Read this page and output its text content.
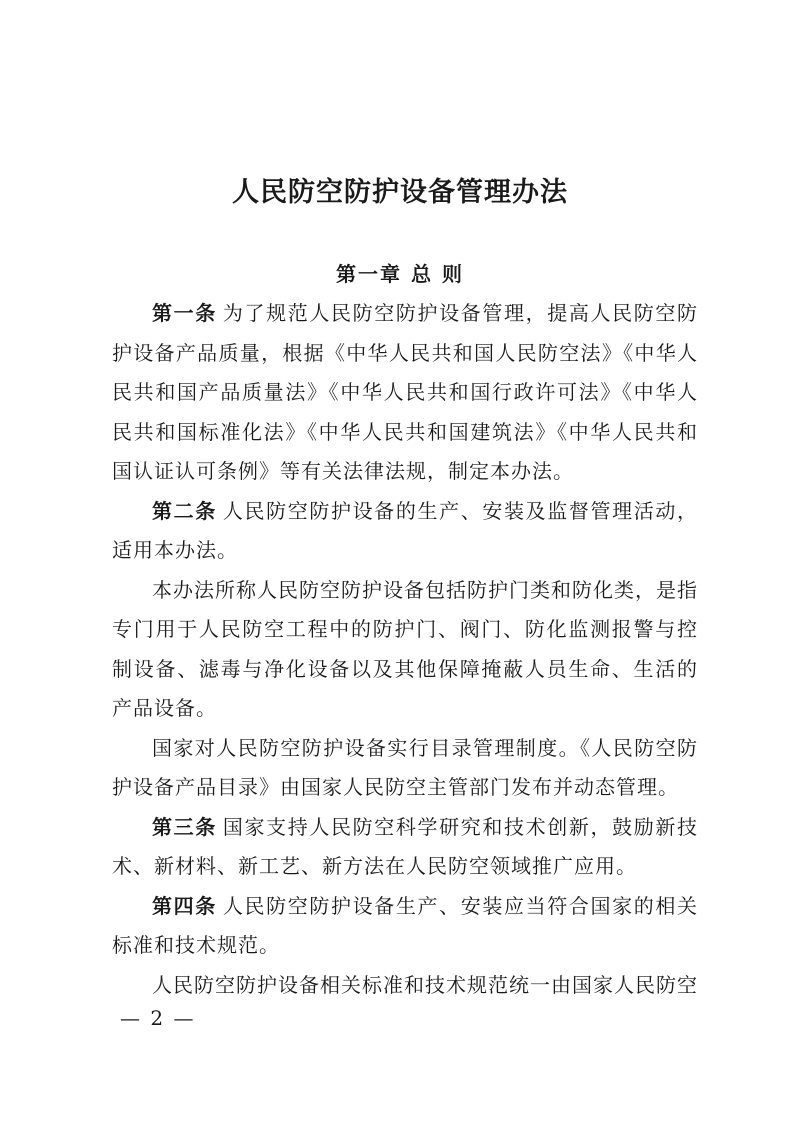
人民防空防护设备管理办法
第一章 总 则

第一条 为了规范人民防空防护设备管理，提高人民防空防护设备产品质量，根据《中华人民共和国人民防空法》《中华人民共和国产品质量法》《中华人民共和国行政许可法》《中华人民共和国标准化法》《中华人民共和国建筑法》《中华人民共和国认证认可条例》等有关法律法规，制定本办法。

第二条 人民防空防护设备的生产、安装及监督管理活动，适用本办法。

本办法所称人民防空防护设备包括防护门类和防化类，是指专门用于人民防空工程中的防护门、阀门、防化监测报警与控制设备、滤毒与净化设备以及其他保障掩蔽人员生命、生活的产品设备。

国家对人民防空防护设备实行目录管理制度。《人民防空防护设备产品目录》由国家人民防空主管部门发布并动态管理。

第三条 国家支持人民防空科学研究和技术创新，鼓励新技术、新材料、新工艺、新方法在人民防空领域推广应用。

第四条 人民防空防护设备生产、安装应当符合国家的相关标准和技术规范。

人民防空防护设备相关标准和技术规范统一由国家人民防空

— 2 —
